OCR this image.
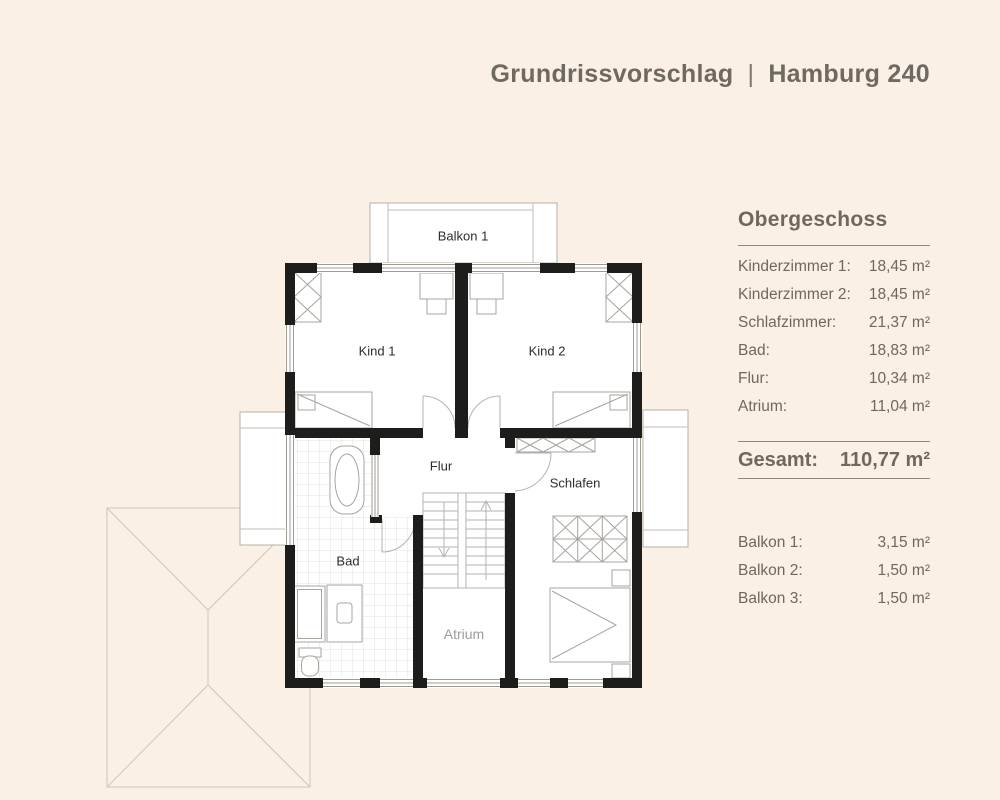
Balkon 1
Kind 1	Kind 2
Flur
Schlafen
Bad
Atrium
Grundrissvorschlag | Hamburg 240
Obergeschoss
Kinderzimmer 1: 18,45 m²
Kinderzimmer 2: 18,45 m²
Schlafzimmer: 21,37 m²
Bad:	18,83 m²
Flur:	10,34 m²
Atrium:	11,04 m²
Gesamt: 110,77 m²
Balkon 1:	3,15 m²
Balkon 2:	1,50 m²
Balkon 3:	1,50 m²
